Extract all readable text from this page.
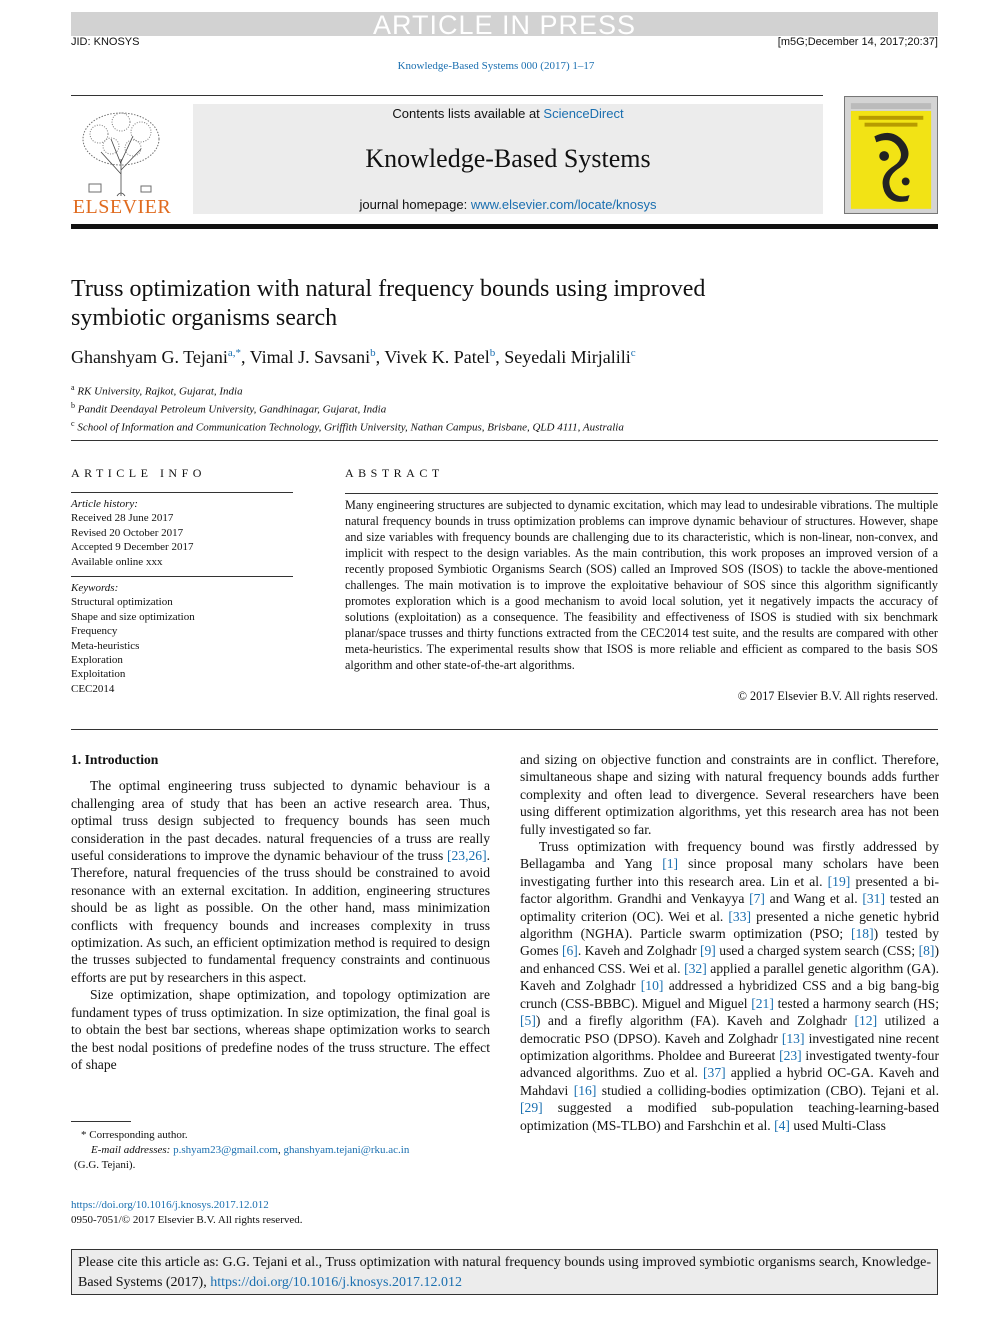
ARTICLE IN PRESS
JID: KNOSYS	[m5G;December 14, 2017;20:37]
Knowledge-Based Systems 000 (2017) 1–17
ELSEVIER
Contents lists available at ScienceDirect
Knowledge-Based Systems
journal homepage: www.elsevier.com/locate/knosys
Truss optimization with natural frequency bounds using improved
symbiotic organisms search
Ghanshyam G. Tejani$^{a,*}$, Vimal J. Savsani$^b$, Vivek K. Patel$^b$, Seyedali Mirjalili$^c$
$^a$ RK University, Rajkot, Gujarat, India
$^b$ Pandit Deendayal Petroleum University, Gandhinagar, Gujarat, India
$^c$ School of Information and Communication Technology, Griffith University, Nathan Campus, Brisbane, QLD 4111, Australia
ARTICLE INFO
Article history:
Received 28 June 2017
Revised 20 October 2017
Accepted 9 December 2017
Available online xxx
Keywords:
Structural optimization
Shape and size optimization
Frequency
Meta-heuristics
Exploration
Exploitation
CEC2014
ABSTRACT
Many engineering structures are subjected to dynamic excitation, which may lead to undesirable vibrations. The multiple natural frequency bounds in truss optimization problems can improve dynamic behaviour of structures. However, shape and size variables with frequency bounds are challenging due to its characteristic, which is non-linear, non-convex, and implicit with respect to the design variables. As the main contribution, this work proposes an improved version of a recently proposed Symbiotic Organisms Search (SOS) called an Improved SOS (ISOS) to tackle the above-mentioned challenges. The main motivation is to improve the exploitative behaviour of SOS since this algorithm significantly promotes exploration which is a good mechanism to avoid local solution, yet it negatively impacts the accuracy of solutions (exploitation) as a consequence. The feasibility and effectiveness of ISOS is studied with six benchmark planar/space trusses and thirty functions extracted from the CEC2014 test suite, and the results are compared with other meta-heuristics. The experimental results show that ISOS is more reliable and efficient as compared to the basis SOS algorithm and other state-of-the-art algorithms.
© 2017 Elsevier B.V. All rights reserved.
1. Introduction

The optimal engineering truss subjected to dynamic behaviour is a challenging area of study that has been an active research area. Thus, optimal truss design subjected to frequency bounds has seen much consideration in the past decades. natural frequencies of a truss are really useful considerations to improve the dynamic behaviour of the truss [23,26]. Therefore, natural frequencies of the truss should be constrained to avoid resonance with an external excitation. In addition, engineering structures should be as light as possible. On the other hand, mass minimization conflicts with frequency bounds and increases complexity in truss optimization. As such, an efficient optimization method is required to design the trusses subjected to fundamental frequency constraints and continuous efforts are put by researchers in this aspect.

Size optimization, shape optimization, and topology optimization are fundament types of truss optimization. In size optimization, the final goal is to obtain the best bar sections, whereas shape optimization works to search the best nodal positions of predefine nodes of the truss structure. The effect of shape

and sizing on objective function and constraints are in conflict. Therefore, simultaneous shape and sizing with natural frequency bounds adds further complexity and often lead to divergence. Several researchers have been using different optimization algorithms, yet this research area has not been fully investigated so far.

Truss optimization with frequency bound was firstly addressed by Bellagamba and Yang [1] since proposal many scholars have been investigating further into this research area. Lin et al. [19] presented a bi-factor algorithm. Grandhi and Venkayya [7] and Wang et al. [31] tested an optimality criterion (OC). Wei et al. [33] presented a niche genetic hybrid algorithm (NGHA). Particle swarm optimization (PSO; [18]) tested by Gomes [6]. Kaveh and Zolghadr [9] used a charged system search (CSS; [8]) and enhanced CSS. Wei et al. [32] applied a parallel genetic algorithm (GA). Kaveh and Zolghadr [10] addressed a hybridized CSS and a big bang-big crunch (CSS-BBBC). Miguel and Miguel [21] tested a harmony search (HS; [5]) and a firefly algorithm (FA). Kaveh and Zolghadr [12] utilized a democratic PSO (DPSO). Kaveh and Zolghadr [13] investigated nine recent optimization algorithms. Pholdee and Bureerat [23] investigated twenty-four advanced algorithms. Zuo et al. [37] applied a hybrid OC-GA. Kaveh and Mahdavi [16] studied a colliding-bodies optimization (CBO). Tejani et al. [29] suggested a modified sub-population teaching-learning-based optimization (MS-TLBO) and Farshchin et al. [4] used Multi-Class

* Corresponding author.
E-mail addresses: p.shyam23@gmail.com, ghanshyam.tejani@rku.ac.in
(G.G. Tejani).
https://doi.org/10.1016/j.knosys.2017.12.012
0950-7051/© 2017 Elsevier B.V. All rights reserved.
Please cite this article as: G.G. Tejani et al., Truss optimization with natural frequency bounds using improved symbiotic organisms search, Knowledge-Based Systems (2017), https://doi.org/10.1016/j.knosys.2017.12.012
